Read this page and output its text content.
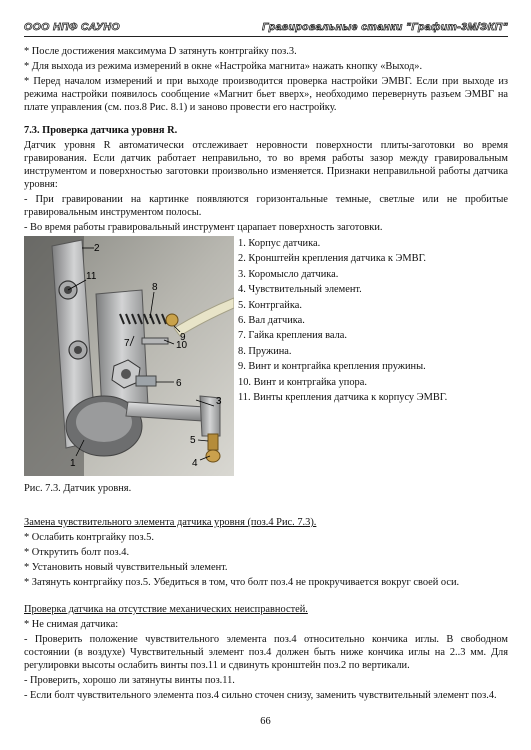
ООО НПФ САУНО	Гравировальные станки "Графит-3М/ЭКП"

* После достижения максимума D затянуть контргайку поз.3.

* Для выхода из режима измерений в окне «Настройка магнита» нажать кнопку «Выход».

* Перед началом измерений и при выходе производится проверка настройки ЭМВГ. Если при выходе из режима настройки появилось сообщение «Магнит бьет вверх», необходимо перевернуть разъем ЭМВГ на плате управления (см. поз.8 Рис. 8.1) и заново провести его настройку.

7.3. Проверка датчика уровня R.

Датчик уровня R автоматически отслеживает неровности поверхности плиты-заготовки во время гравирования. Если датчик работает неправильно, то во время работы зазор между гравировальным инструментом и поверхностью заготовки произвольно изменяется. Признаки неправильной работы датчика уровня:

- При гравировании на картинке появляются горизонтальные темные, светлые или не пробитые гравировальным инструментом полосы.

- Во время работы гравировальный инструмент царапает поверхность заготовки.

2
11
8
9
7	10
6
3
5
4
1
1. Корпус датчика.
2. Кронштейн крепления датчика к ЭМВГ.
3. Коромысло датчика.
4. Чувствительный элемент.
5. Контргайка.
6. Вал датчика.
7. Гайка крепления вала.
8. Пружина.
9. Винт и контргайка крепления пружины.
10. Винт и контргайка упора.
11. Винты крепления датчика к корпусу ЭМВГ.
Рис. 7.3. Датчик уровня.

Замена чувствительного элемента датчика уровня (поз.4 Рис. 7.3).

* Ослабить контргайку поз.5.

* Открутить болт поз.4.

* Установить новый чувствительный элемент.

* Затянуть контргайку поз.5. Убедиться в том, что болт поз.4 не прокручивается вокруг своей оси.

Проверка датчика на отсутствие механических неисправностей.

* Не снимая датчика:

- Проверить положение чувствительного элемента поз.4 относительно кончика иглы. В свободном состоянии (в воздухе) Чувствительный элемент поз.4 должен быть ниже кончика иглы на 2..3 мм. Для регулировки высоты ослабить винты поз.11 и сдвинуть кронштейн поз.2 по вертикали.

- Проверить, хорошо ли затянуты винты поз.11.

- Если болт чувствительного элемента поз.4 сильно сточен снизу, заменить чувствительный элемент поз.4.

66
